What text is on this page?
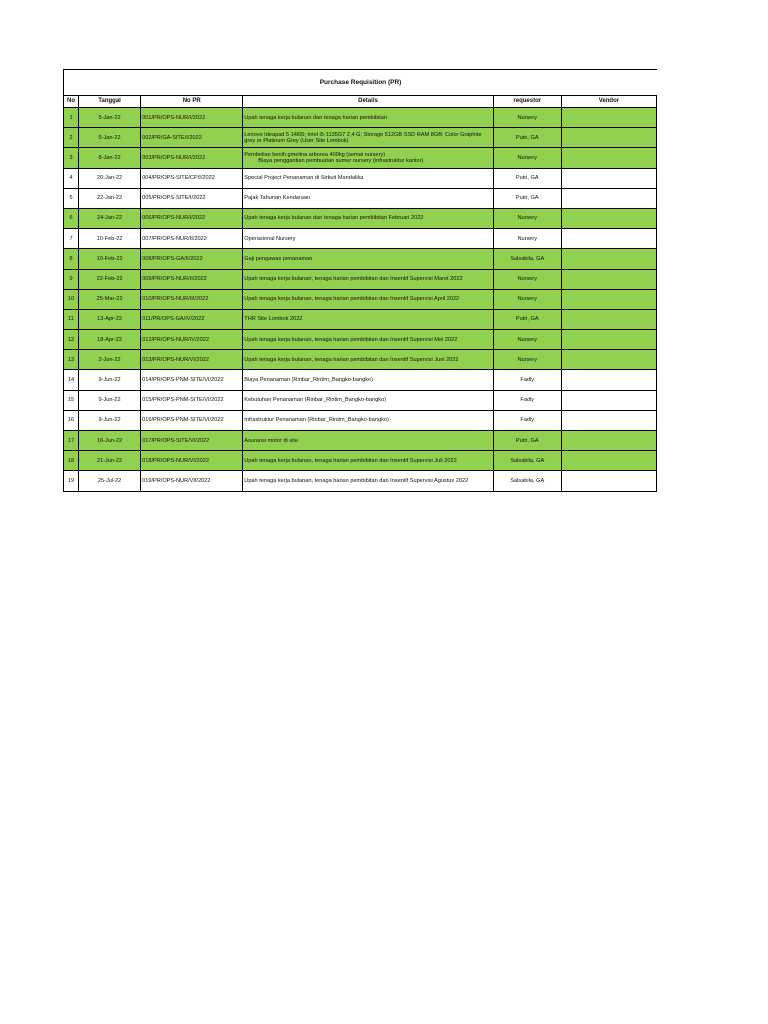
Purchase Requisition (PR)
No	Tanggal	No PR	Details	requestor	Vendor
1	5-Jan-22	001/PR/OPS-NUR/I/2022	Upah tenaga kerja bulanan dan tenaga harian pembibitan	Nursery	
2	5-Jan-22	002/PR/GA-SITE/I/2022	Lenovo Ideapad 5 14l05; Intel i5-1135G7 2,4 G; Storage 512GB SSD RAM 8GB; Color Graphite grey or Platinum Grey (User Site Lombok)	Putri, GA	
3	8-Jan-22	003/PR/OPS-NUR/I/2022	Pembelian benih gmelina arborea 400kg (semai nursery)
Biaya penggantian pembuatan sumur nursery (infrastruktur kantor)	Nursery	
4	20-Jan-22	004/PR/OPS-SITE/CP/I/2022	Special Project Penanaman di Sirkuit Mandalika	Putri, GA	
5	22-Jan-22	005/PR/OPS-SITE/I/2022	Pajak Tahunan Kendaraan	Putri, GA	
6	24-Jan-22	006/PR/OPS-NUR/I/2022	Upah tenaga kerja bulanan dan tenaga harian pembibitan Februari 2022	Nursery	
7	10-Feb-22	007/PR/OPS-NUR/II/2022	Operasional Nursery	Nursery	
8	10-Feb-22	008/PR/OPS-GA/II/2022	Gaji pengawas penanaman	Salsabila, GA	
9	22-Feb-22	009/PR/OPS-NUR/II/2022	Upah tenaga kerja bulanan, tenaga harian pembibitan dan Insentif Supervisi Maret 2022	Nursery	
10	25-Mar-22	010/PR/OPS-NUR/III/2022	Upah tenaga kerja bulanan, tenaga harian pembibitan dan Insentif Supervisi April 2022	Nursery	
11	13-Apr-22	011/PR/OPS-GA/IV/2022	THR Site Lombok 2022	Putri, GA	
12	18-Apr-22	012/PR/OPS-NUR/IV/2022	Upah tenaga kerja bulanan, tenaga harian pembibitan dan Insentif Supervisi Mei 2022	Nursery	
13	2-Jun-22	013/PR/OPS-NUR/VI/2022	Upah tenaga kerja bulanan, tenaga harian pembibitan dan Insentif Supervisi Juni 2022	Nursery	
14	9-Jun-22	014/PR/OPS-PNM-SITE/VI/2022	Biaya Penanaman (Rinbar_Rintim_Bangko-bangko)	Fadly	
15	9-Jun-22	015/PR/OPS-PNM-SITE/VI/2022	Kebutuhan Penanaman (Rinbar_Rintim_Bangko-bangko)	Fadly	
16	9-Jun-22	016/PR/OPS-PNM-SITE/VI/2022	Infrastruktur Penanaman (Rinbar_Rintim_Bangko-bangko)	Fadly	
17	16-Jun-22	017/PR/OPS-SITE/VI/2022	Asuransi motor di site	Putri, GA	
18	21-Jun-22	018/PR/OPS-NUR/VI/2022	Upah tenaga kerja bulanan, tenaga harian pembibitan dan Insentif Supervisi Juli 2022	Salsabila, GA	
19	25-Jul-22	019/PR/OPS-NUR/VII/2022	Upah tenaga kerja bulanan, tenaga harian pembibitan dan Insentif Supervisi Agustus 2022	Salsabila, GA	
